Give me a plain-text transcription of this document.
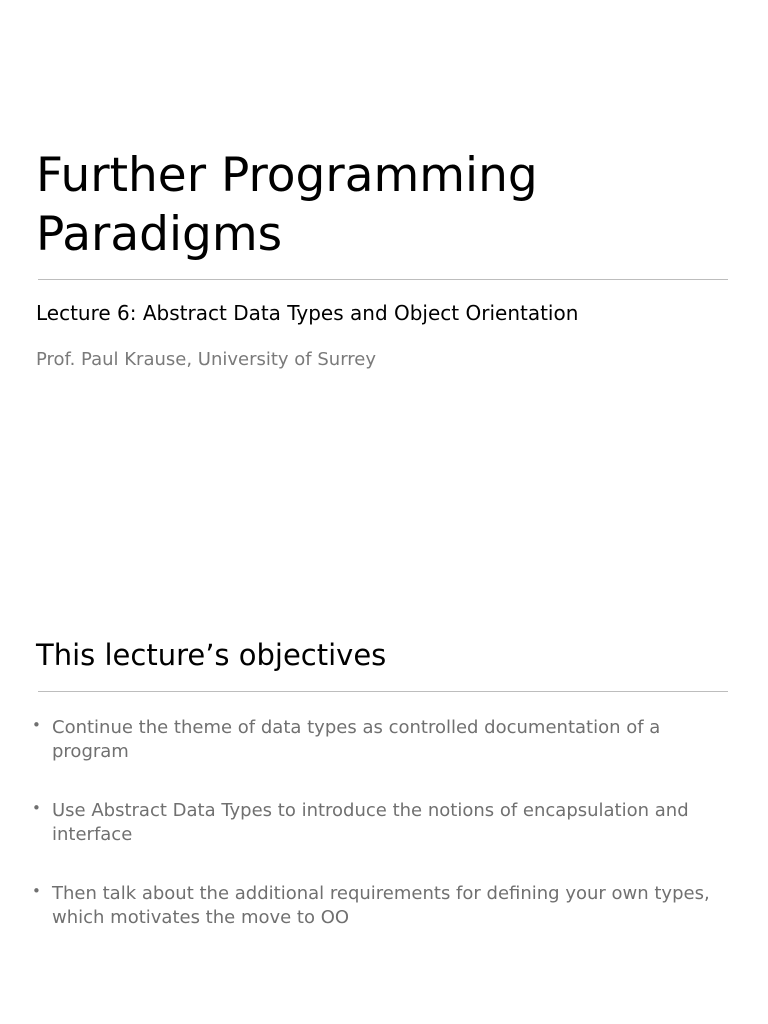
Further Programming Paradigms
Lecture 6: Abstract Data Types and Object Orientation

Prof. Paul Krause, University of Surrey

This lecture’s objectives
• Continue the theme of data types as controlled documentation of a program
• Use Abstract Data Types to introduce the notions of encapsulation and interface
• Then talk about the additional requirements for defining your own types, which motivates the move to OO
